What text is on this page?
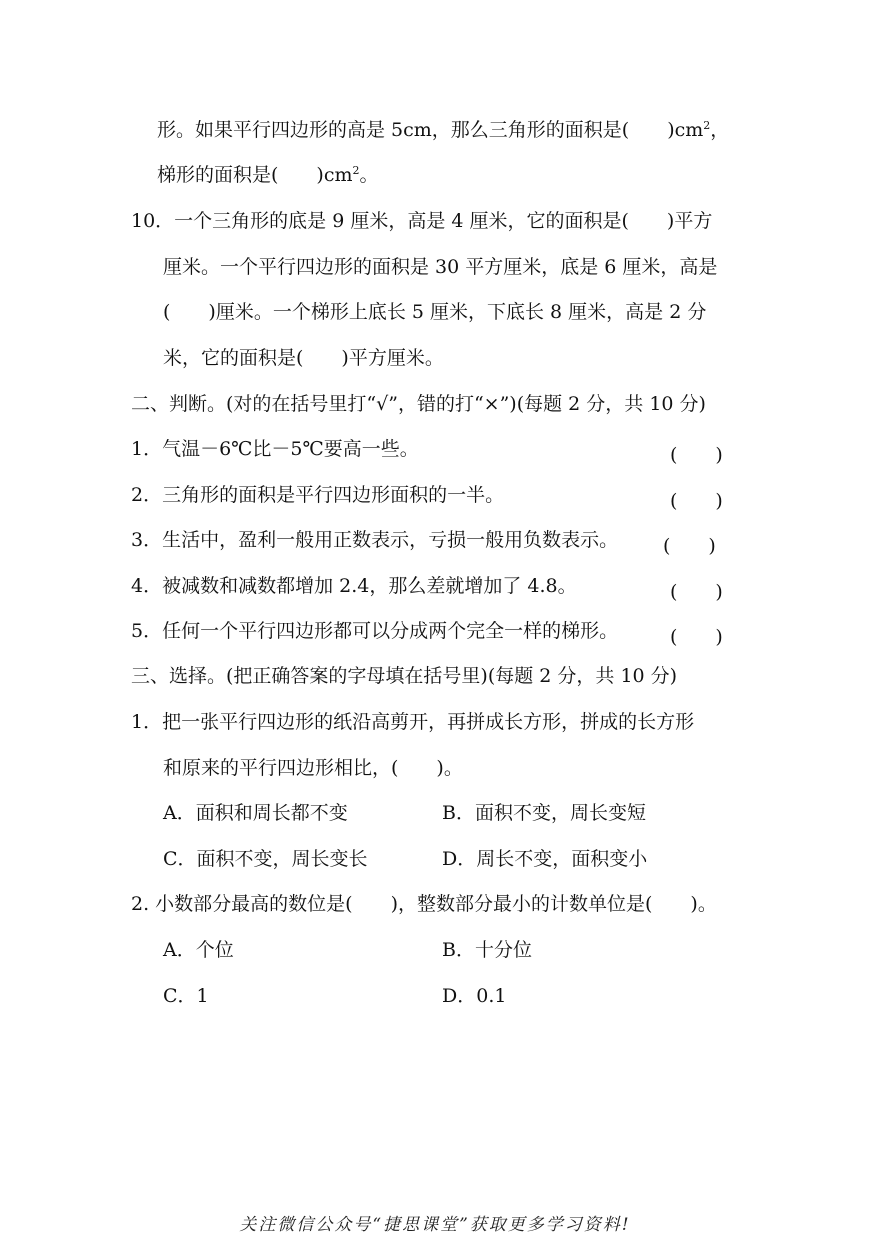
形。如果平行四边形的高是 5cm，那么三角形的面积是(　　)$cm^2$，
梯形的面积是(　　)$cm^2$。
10．一个三角形的底是 9 厘米，高是 4 厘米，它的面积是(　　)平方
厘米。一个平行四边形的面积是 30 平方厘米，底是 6 厘米，高是
(　　)厘米。一个梯形上底长 5 厘米，下底长 8 厘米，高是 2 分
米，它的面积是(　　)平方厘米。
二、判断。(对的在括号里打“√”，错的打“×”)(每题 2 分，共 10 分)
1．气温－6℃比－5℃要高一些。	(　　)
2．三角形的面积是平行四边形面积的一半。	(　　)
3．生活中，盈利一般用正数表示，亏损一般用负数表示。 (　　)
4．被减数和减数都增加 2.4，那么差就增加了 4.8。	(　　)
5．任何一个平行四边形都可以分成两个完全一样的梯形。	(　　)
三、选择。(把正确答案的字母填在括号里)(每题 2 分，共 10 分)
1．把一张平行四边形的纸沿高剪开，再拼成长方形，拼成的长方形
和原来的平行四边形相比，(　　)。
A．面积和周长都不变	B．面积不变，周长变短
C．面积不变，周长变长	D．周长不变，面积变小
2. 小数部分最高的数位是(　　)，整数部分最小的计数单位是(　　)。
A．个位	B．十分位
C．1	D．0.1
关注微信公众号“捷思课堂”获取更多学习资料!
